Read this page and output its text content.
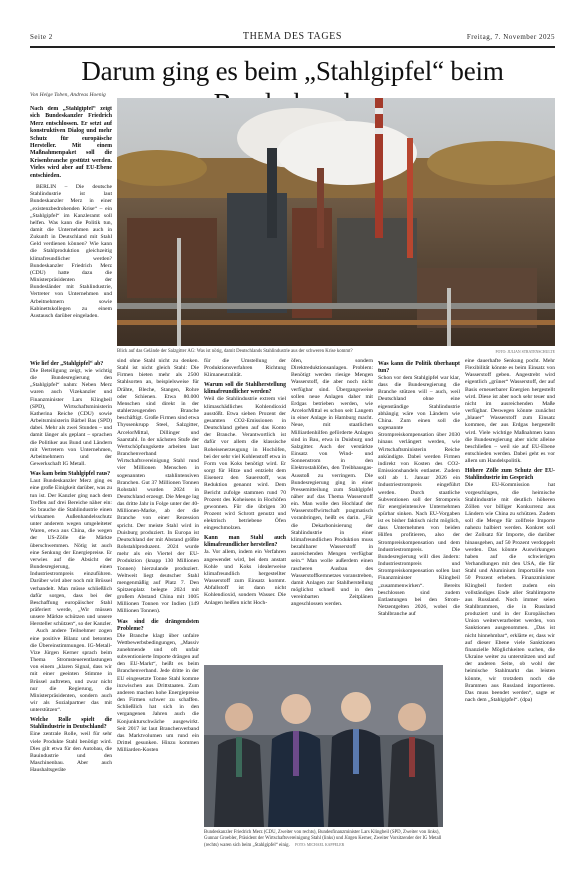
Seite 2	THEMA DES TAGES	Freitag, 7. November 2025
Darum ging es beim „Stahlgipfel“ beim
Von Helge Toben, Andreas Hoenig

Nach dem „Stahlgipfel“ zeigt sich Bundeskanzler Friedrich Merz entschlossen. Er setzt auf konstruktiven Dialog und mehr Schutz für europäische Hersteller. Mit einem Maßnahmenpaket soll die Krisenbranche gestützt werden. Vieles wird aber auf EU-Ebene entschieden.

BERLIN – Die deutsche Stahlindustrie ist laut Bundeskanzler Merz in einer „existenzbedrohenden Krise“ – ein „Stahlgipfel“ im Kanzleramt soll helfen. Was kann die Politik tun, damit die Unternehmen auch in Zukunft in Deutschland mit Stahl Geld verdienen können? Wie kann die Stahlproduktion gleichzeitig klimafreundlicher werden? Bundeskanzler Friedrich Merz (CDU) hatte dazu die Ministerpräsidenten der Bundesländer mit Stahlindustrie, Vertreter von Unternehmen und Arbeitnehmern sowie Kabinettskollegen zu einem Austausch darüber eingeladen.

Blick auf das Gelände der Salzgitter AG: Was ist nötig, damit Deutschlands Stahlindustrie aus der schweren Krise kommt?	FOTO: JULIAN STRATENSCHULTE
Wie lief der „Stahlgipfel“ ab?

Die Beteiligung zeigt, wie wichtig die Bundesregierung den „Stahlgipfel“ nahm: Neben Merz waren auch Vizekanzler und Finanzminister Lars Klingbeil (SPD), Wirtschaftsministerin Katherina Reiche (CDU) sowie Arbeitsministerin Bärbel Bas (SPD) dabei. Mehr als zwei Stunden – und damit länger als geplant – sprachen die Politiker aus Bund und Ländern mit Vertretern von Unternehmen, Arbeitnehmern und der Gewerkschaft IG Metall.

Was kam beim Stahlgipfel raus?

Laut Bundeskanzler Merz ging es eine große Einigkeit darüber, was zu tun ist. Der Kanzler ging nach dem Treffen auf drei Bereiche näher ein: So brauche die Stahlindustrie einen wirksamen Außenhandelsschutz unter anderem wegen umgeleiteter Waren, etwa aus China, die wegen der US-Zölle die Märkte überschwemmen. Nötig ist auch eine Senkung der Energiepreise. Er verwies auf die Absicht der Bundesregierung, einen Industriestrompreis einzuführen. Darüber wird aber noch mit Brüssel verhandelt. Man müsse schließlich dafür sorgen, dass bei der Beschaffung europäischer Stahl präferiert werde, „Wir müssen unsere Märkte schützen und unsere Hersteller schützen“, so der Kanzler.

Auch andere Teilnehmer zogen eine positive Bilanz und betonten die Übereinstimmungen. IG-Metall-Vize Jürgen Kerner sprach beim Thema Stromsteuerentlastungen von einem „klaren Signal, dass wir mit einer geeinten Stimme in Brüssel auftreten, und zwar nicht nur die Regierung, die Ministerpräsidenten, sondern auch wir als Sozialpartner das mit unterstützen“.

Welche Rolle spielt die Stahlindustrie in Deutschland?

Eine zentrale Rolle, weil für sehr viele Produkte Stahl benötigt wird. Dies gilt etwa für den Autobau, die Bauindustrie und den Maschinenbau. Aber auch Haushaltsgeräte

sind ohne Stahl nicht zu denken. Stahl ist nicht gleich Stahl: Die Firmen bieten mehr als 2500 Stahlsorten an, beispielsweise für Drähte, Bleche, Stangen, Rohre oder Schienen. Etwa 80.000 Menschen sind direkt in der stahlerzeugenden Branche beschäftigt. Große Firmen sind etwa Thyssenkrupp Steel, Salzgitter, ArcelorMittal, Dillinger und Saarstahl. In der nächsten Stufe der Wertschöpfungskette arbeiten laut Branchenverband Wirtschaftsvereinigung Stahl rund vier Millionen Menschen in sogenannten stahlintensiven Branchen. Gut 37 Millionen Tonnen Rohstahl wurden 2024 in Deutschland erzeugt. Die Menge lag das dritte Jahr in Folge unter der 40-Millionen-Marke, ab der die Branche von einer Rezession spricht. Der meiste Stahl wird in Duisburg produziert. In Europa ist Deutschland der mit Abstand größte Rohstahlproduzent. 2024 wurde mehr als ein Viertel der EU-Produktion (knapp 130 Millionen Tonnen) hierzulande produziert. Weltweit liegt deutscher Stahl mengenmäßig auf Platz 7. Den Spitzenplatz belegte 2024 mit großem Abstand China mit 1005 Millionen Tonnen vor Indien (149 Millionen Tonnen).

Was sind die drängendsten Probleme?

Die Branche klagt über unfaire Wettbewerbsbedingungen, „Massiv zunehmende und oft unfair subventionierte Importe drängen auf den EU-Markt“, heißt es beim Branchenverband. Jede dritte in der EU eingesetzte Tonne Stahl komme inzwischen aus Drittstaaten. Zum anderen machen hohe Energiepreise den Firmen schwer zu schaffen. Schließlich hat sich in den vergangenen Jahren auch die Konjunkturschwäche ausgewirkt. Seit 2017 ist laut Branchenverband das Marktvolumen um rund ein Drittel gesunken. Hinzu kommen Milliarden-Kosten

für die Umstellung der Produktionsverfahren Richtung Klimaneutralität.

Warum soll die Stahlherstellung klimafreundlicher werden?

Weil die Stahlindustrie extrem viel klimaschädliches Kohlendioxid ausstößt. Etwa sieben Prozent der gesamten CO2-Emissionen in Deutschland gehen auf das Konto der Branche. Verantwortlich ist dafür vor allem die klassische Roheisenerzeugung in Hochöfen, bei der sehr viel Kohlenstoff etwa in Form von Koks benötigt wird. Er sorgt für Hitze und entzieht dem Eisenerz den Sauerstoff, was Reduktion genannt wird. Dem Bericht zufolge stammen rund 70 Prozent des Koheisens in Hochöfen gewonnen. Für die übrigen 30 Prozent wird Schrott genutzt und elektrisch betriebene Öfen eingeschmolzen.

Kann man Stahl auch klimafreundlicher herstellen?

Ja. Vor allem, indem ein Verfahren angewendet wird, bei dem anstatt Kohle und Koks idealerweise klimafreundlich hergestellter Wasserstoff zum Einsatz kommt. Abfallstoff ist dann nicht Kohlendioxid, sondern Wasser. Die Anlagen heißen nicht Hoch-

öfen, sondern Direktreduktionsanlagen. Problem: Benötigt werden riesige Mengen Wasserstoff, die aber noch nicht verfügbar sind. Übergangsweise sollen neue Anlagen daher mit Erdgas betrieben werden, wie ArcelorMittal es schon seit Langem in einer Anlage in Hamburg macht. Neue, mit staatlichen Milliardenhilfen geförderte Anlagen sind in Bau, etwa in Duisburg und Salzgitter. Auch der verstärkte Einsatz von Wind- und Sonnenstrom in den Elektrostahlöfen, den Treibhausgas-Ausstoß zu verringern. Die Bundesregierung ging in einer Pressemitteilung zum Stahlgipfel näher auf das Thema Wasserstoff ein. Man wolle den Hochlauf der Wasserstoffwirtschaft pragmatisch voranbringen, heißt es darin. „Für die Dekarbonisierung der Stahlindustrie in einer klimafreundlichen Produktion muss bezahlbarer Wasserstoff in ausreichenden Mengen verfügbar sein.“ Man wolle außerdem einen rascheren Ausbau des Wasserstoffkernnetzes voranstreben, damit Anlagen zur Stahlherstellung möglichst schnell und in den vereinbarten Zeitplänen angeschlossen werden.

Was kann die Politik überhaupt tun?

Schon vor dem Stahlgipfel war klar, dass die Bundesregierung die Branche stützen will – auch, weil Deutschland ohne eine eigenständige Stahlindustrie abhängig wäre von Ländern wie China. Zum einen soll die sogenannte Strompreiskompensation über 2030 hinaus verlängert werden, wie Wirtschaftsministerin Reiche ankündigte. Dabei werden Firmen indirekt von Kosten des CO2-Emissionshandels entlastet. Zudem soll ab 1. Januar 2026 ein Industriestrompreis eingeführt werden. Durch staatliche Subventionen soll der Strompreis für energieintensive Unternehmen spürbar sinken. Nach EU-Vorgaben ist es bisher faktisch nicht möglich, dass Unternehmen von beiden Hilfen profitieren, also der Strompreiskompensation und dem Industriestrompreis. Die Bundesregierung will dies ändern: Industriestrompreis und Strompreiskompensation sollen laut Finanzminister Klingbeil „zusammenwirken“. Bereits beschlossen sind zudem Entlastungen bei den Strom-Netzentgelten 2026, wobei die Stahlbranche auf

eine dauerhafte Senkung pocht. Mehr Flexibilität könnte es beim Einsatz von Wasserstoff geben. Angestrebt wird eigentlich „grüner“ Wasserstoff, der auf Basis erneuerbarer Energien hergestellt wird. Diese ist aber noch sehr teuer und nicht im ausreichenden Maße verfügbar. Deswegen könnte zunächst „blauer“ Wasserstoff zum Einsatz kommen, der aus Erdgas hergestellt wird. Viele wichtige Maßnahmen kann die Bundesregierung aber nicht alleine beschließen – weil sie auf EU-Ebene entschieden werden. Dabei geht es vor allem um Handelspolitik.

Höhere Zölle zum Schutz der EU-Stahlindustrie im Gespräch

Die EU-Kommission hat vorgeschlagen, die heimische Stahlindustrie mit deutlich höheren Zöllen vor billiger Konkurrenz aus Ländern wie China zu schützen. Zudem soll die Menge für zollfreie Importe nahezu halbiert werden. Konkret soll der Zollsatz für Importe, die darüber hinausgehen, auf 50 Prozent verdoppelt werden. Das könnte Auswirkungen haben auf die schwierigen Verhandlungen mit den USA, die für Stahl und Aluminium Importzölle von 50 Prozent erheben. Finanzminister Klingbeil fordert zudem ein vollständiges Ende aller Stahlimporte aus Russland. Noch immer seien Stahlbrammen, die in Russland produziert und in der Europäischen Union weiterverarbeitet werden, von Sanktionen ausgenommen. „Das ist nicht hinnehmbar“, erklärte er, dass wir auf dieser Ebene viele Sanktionen finanzielle Möglichkeiten suchen, die Ukraine weiter zu unterstützen und auf der anderen Seite, ob wohl der heimische Stahlmarkt das leisten könnte, wir trotzdem noch die Brammen aus Russland importieren. Das muss beendet werden“, sagte er nach dem „Stahlgipfel“. (dpa)

Bundeskanzler Friedrich Merz (CDU, Zweiter von rechts), Bundesfinanzminister Lars Klingbeil (SPD, Zweiter von links), Gunnar Groebler, Präsident der Wirtschaftsvereinigung Stahl (links) und Jürgen Kerner, Zweiter Vorsitzender der IG Metall (rechts) waren sich beim „Stahlgipfel“ einig. FOTO: MICHAEL KAPPELER
